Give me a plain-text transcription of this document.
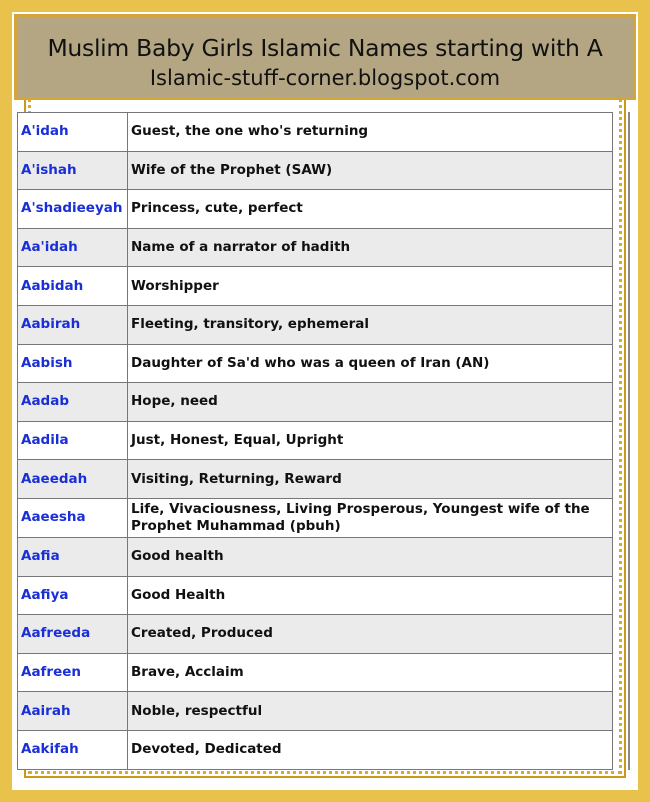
Muslim Baby Girls Islamic Names starting with A
Islamic-stuff-corner.blogspot.com
A'idah	Guest, the one who's returning
A'ishah	Wife of the Prophet (SAW)
A'shadieeyah	Princess, cute, perfect
Aa'idah	Name of a narrator of hadith
Aabidah	Worshipper
Aabirah	Fleeting, transitory, ephemeral
Aabish	Daughter of Sa'd who was a queen of Iran (AN)
Aadab	Hope, need
Aadila	Just, Honest, Equal, Upright
Aaeedah	Visiting, Returning, Reward
Aaeesha	Life, Vivaciousness, Living Prosperous, Youngest wife of the Prophet Muhammad (pbuh)
Aafia	Good health
Aafiya	Good Health
Aafreeda	Created, Produced
Aafreen	Brave, Acclaim
Aairah	Noble, respectful
Aakifah	Devoted, Dedicated
